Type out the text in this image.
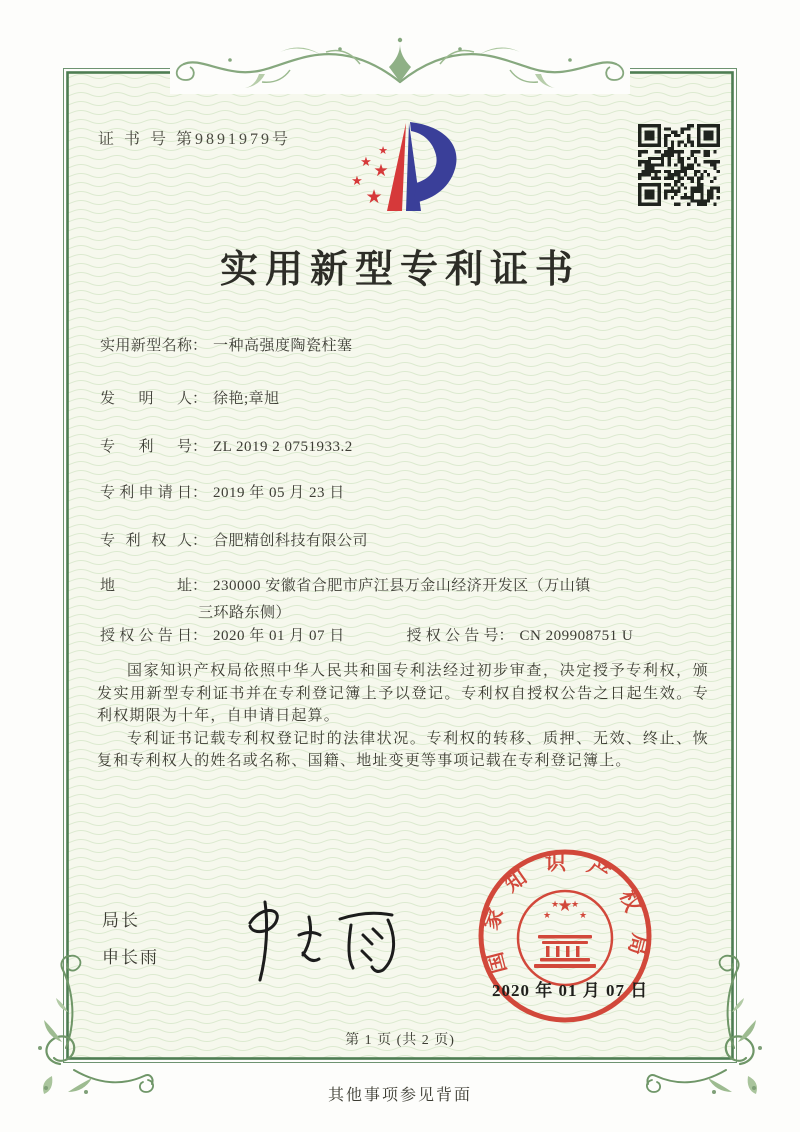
证 书 号 第9891979号
★
★ ★
★
★
实用新型专利证书
实用新型名称： 一种高强度陶瓷柱塞
发明人： 徐艳;章旭
专利号： ZL 2019 2 0751933.2
专利申请日： 2019 年 05 月 23 日
专利权人： 合肥精创科技有限公司
地址： 230000 安徽省合肥市庐江县万金山经济开发区（万山镇
三环路东侧）
授权公告日： 2020 年 01 月 07 日	授权公告号： CN 209908751 U

国家知识产权局依照中华人民共和国专利法经过初步审查，决定授予专利权，颁发实用新型专利证书并在专利登记簿上予以登记。专利权自授权公告之日起生效。专利权期限为十年，自申请日起算。

专利证书记载专利权登记时的法律状况。专利权的转移、质押、无效、终止、恢复和专利权人的姓名或名称、国籍、地址变更等事项记载在专利登记簿上。

局长
申长雨	国家知识产权局
★
★
★ ★
★
2020 年 01 月 07 日
第 1 页 (共 2 页)
其他事项参见背面
